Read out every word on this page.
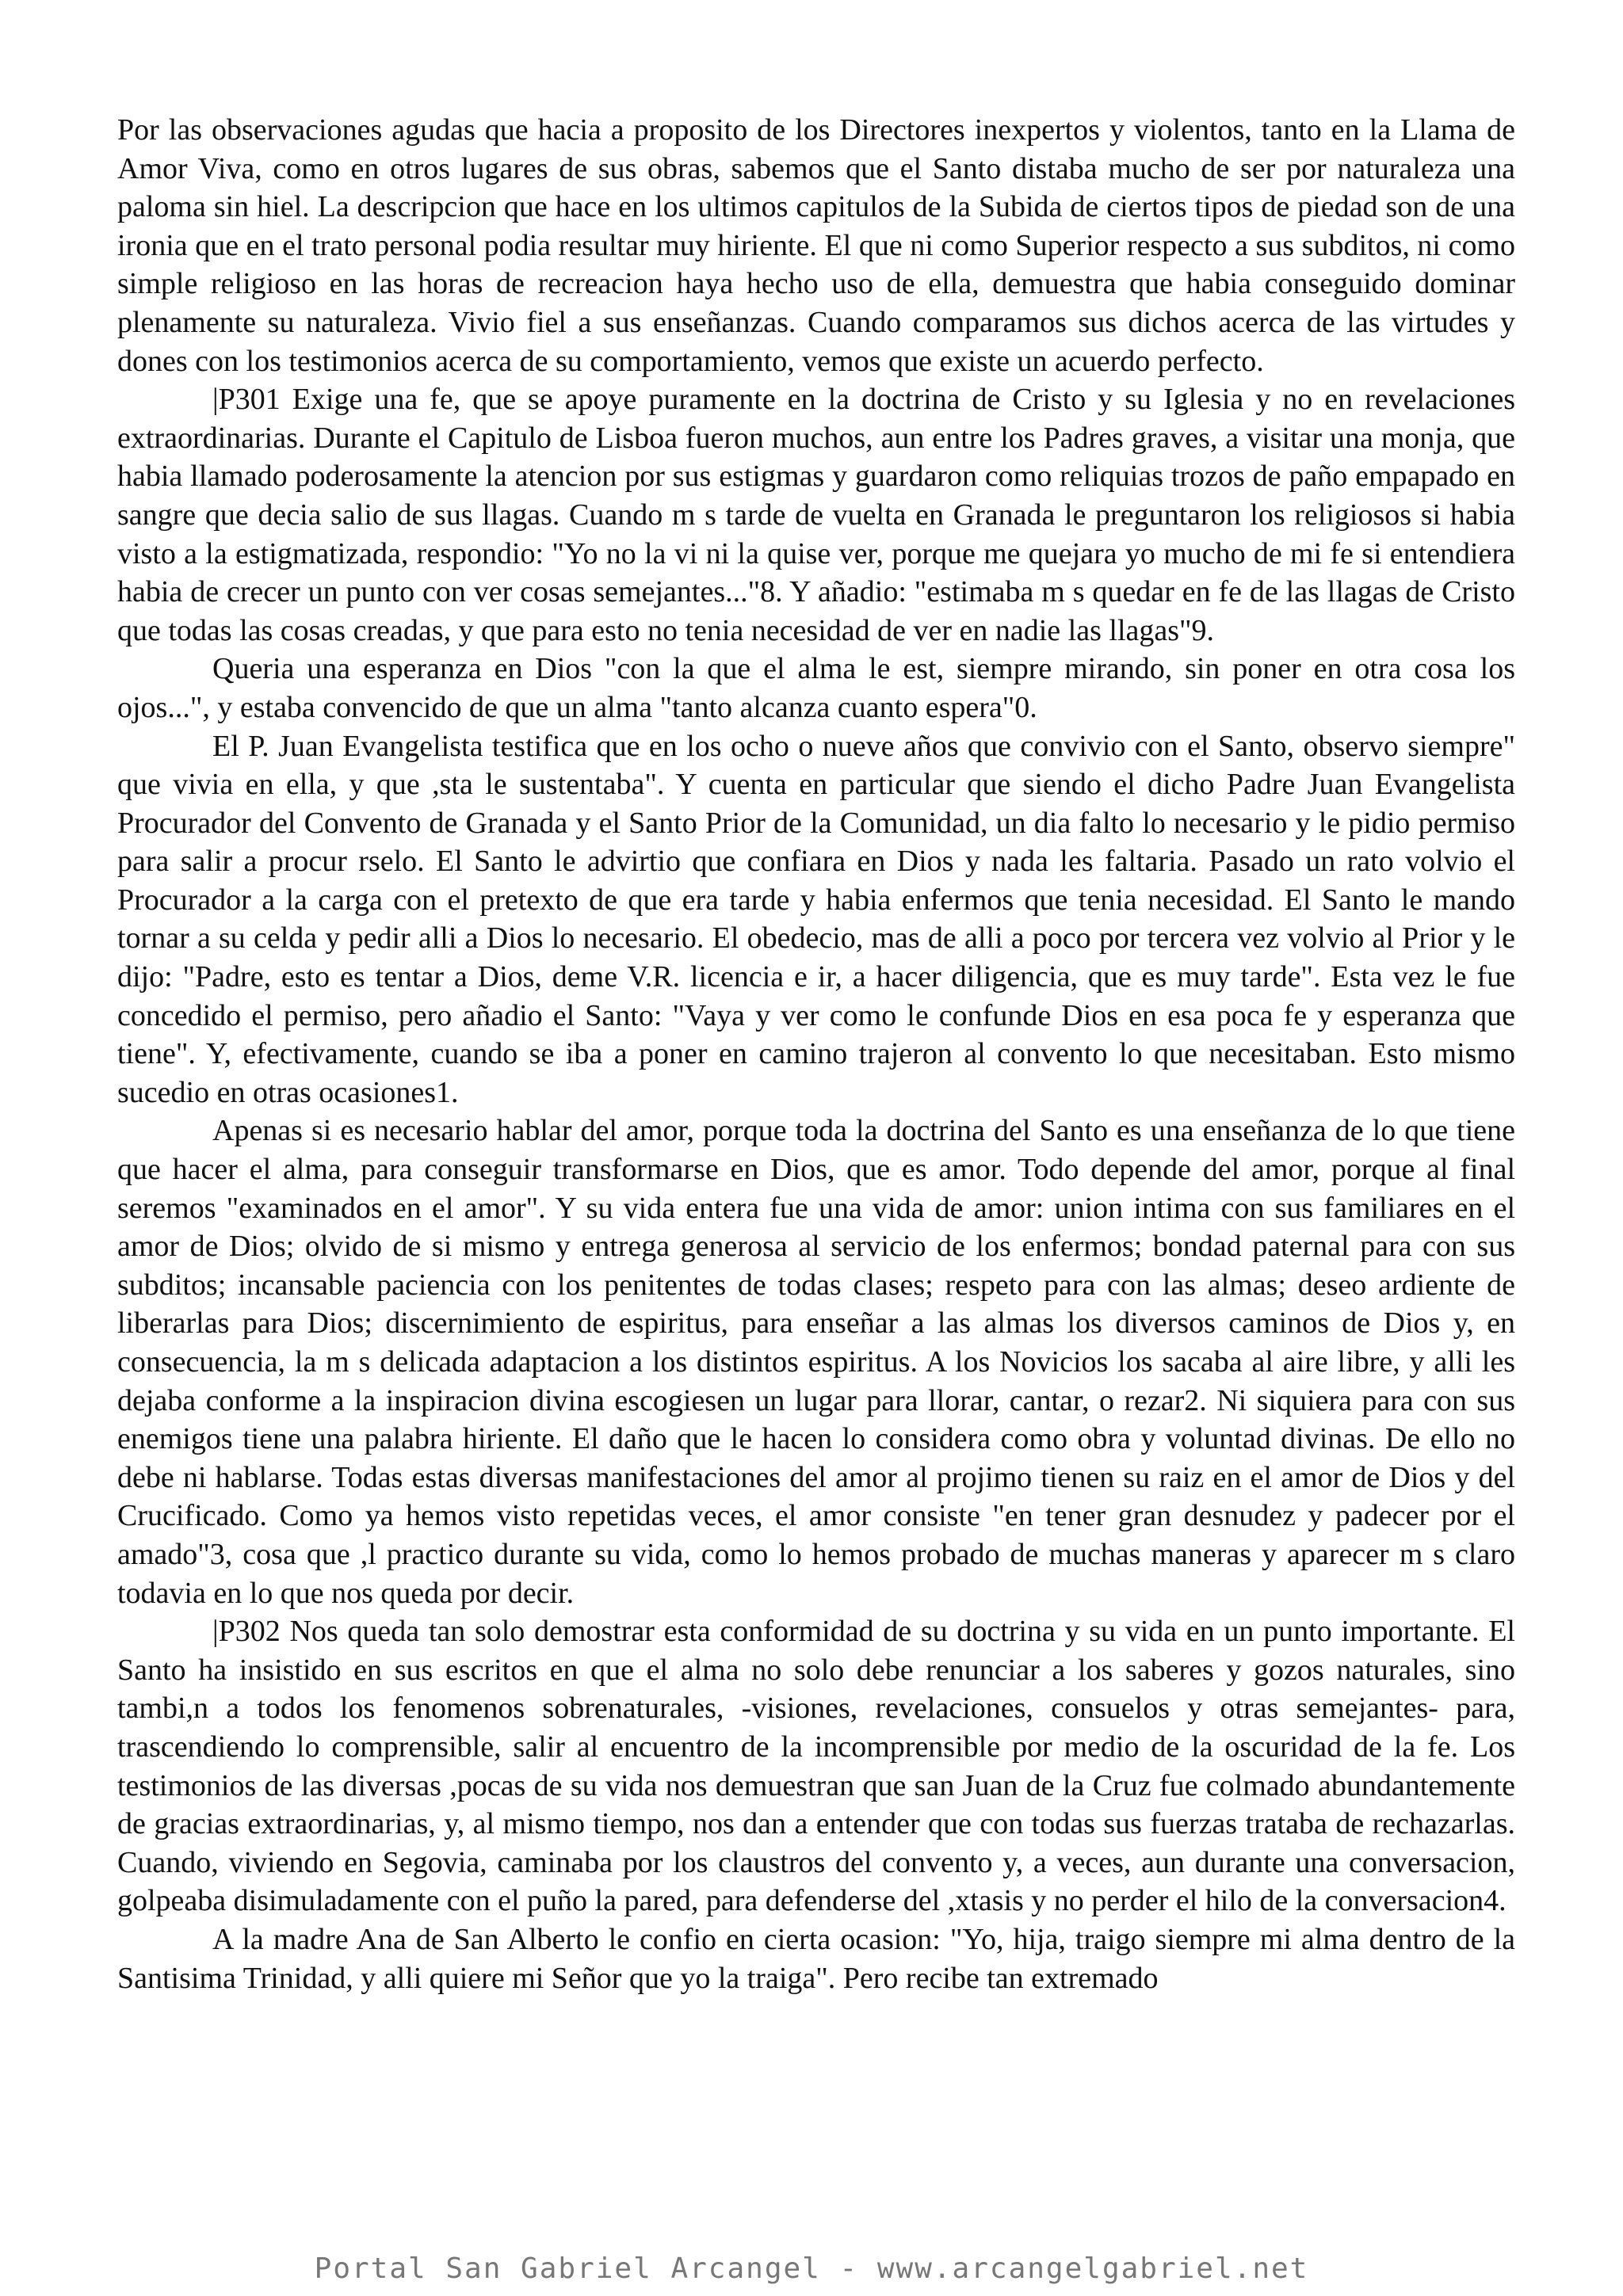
Por las observaciones agudas que hacia a proposito de los Directores inexpertos y violentos, tanto en la Llama de Amor Viva, como en otros lugares de sus obras, sabemos que el Santo distaba mucho de ser por naturaleza una paloma sin hiel. La descripcion que hace en los ultimos capitulos de la Subida de ciertos tipos de piedad son de una ironia que en el trato personal podia resultar muy hiriente. El que ni como Superior respecto a sus subditos, ni como simple religioso en las horas de recreacion haya hecho uso de ella, demuestra que habia conseguido dominar plenamente su naturaleza. Vivio fiel a sus enseñanzas. Cuando comparamos sus dichos acerca de las virtudes y dones con los testimonios acerca de su comportamiento, vemos que existe un acuerdo perfecto.

|P301 Exige una fe, que se apoye puramente en la doctrina de Cristo y su Iglesia y no en revelaciones extraordinarias. Durante el Capitulo de Lisboa fueron muchos, aun entre los Padres graves, a visitar una monja, que habia llamado poderosamente la atencion por sus estigmas y guardaron como reliquias trozos de paño empapado en sangre que decia salio de sus llagas. Cuando m s tarde de vuelta en Granada le preguntaron los religiosos si habia visto a la estigmatizada, respondio: "Yo no la vi ni la quise ver, porque me quejara yo mucho de mi fe si entendiera habia de crecer un punto con ver cosas semejantes..."8. Y añadio: "estimaba m s quedar en fe de las llagas de Cristo que todas las cosas creadas, y que para esto no tenia necesidad de ver en nadie las llagas"9.

Queria una esperanza en Dios "con la que el alma le est, siempre mirando, sin poner en otra cosa los ojos...", y estaba convencido de que un alma "tanto alcanza cuanto espera"0.

El P. Juan Evangelista testifica que en los ocho o nueve años que convivio con el Santo, observo siempre" que vivia en ella, y que ,sta le sustentaba". Y cuenta en particular que siendo el dicho Padre Juan Evangelista Procurador del Convento de Granada y el Santo Prior de la Comunidad, un dia falto lo necesario y le pidio permiso para salir a procur rselo. El Santo le advirtio que confiara en Dios y nada les faltaria. Pasado un rato volvio el Procurador a la carga con el pretexto de que era tarde y habia enfermos que tenia necesidad. El Santo le mando tornar a su celda y pedir alli a Dios lo necesario. El obedecio, mas de alli a poco por tercera vez volvio al Prior y le dijo: "Padre, esto es tentar a Dios, deme V.R. licencia e ir, a hacer diligencia, que es muy tarde". Esta vez le fue concedido el permiso, pero añadio el Santo: "Vaya y ver como le confunde Dios en esa poca fe y esperanza que tiene". Y, efectivamente, cuando se iba a poner en camino trajeron al convento lo que necesitaban. Esto mismo sucedio en otras ocasiones1.

Apenas si es necesario hablar del amor, porque toda la doctrina del Santo es una enseñanza de lo que tiene que hacer el alma, para conseguir transformarse en Dios, que es amor. Todo depende del amor, porque al final seremos "examinados en el amor". Y su vida entera fue una vida de amor: union intima con sus familiares en el amor de Dios; olvido de si mismo y entrega generosa al servicio de los enfermos; bondad paternal para con sus subditos; incansable paciencia con los penitentes de todas clases; respeto para con las almas; deseo ardiente de liberarlas para Dios; discernimiento de espiritus, para enseñar a las almas los diversos caminos de Dios y, en consecuencia, la m s delicada adaptacion a los distintos espiritus. A los Novicios los sacaba al aire libre, y alli les dejaba conforme a la inspiracion divina escogiesen un lugar para llorar, cantar, o rezar2. Ni siquiera para con sus enemigos tiene una palabra hiriente. El daño que le hacen lo considera como obra y voluntad divinas. De ello no debe ni hablarse. Todas estas diversas manifestaciones del amor al projimo tienen su raiz en el amor de Dios y del Crucificado. Como ya hemos visto repetidas veces, el amor consiste "en tener gran desnudez y padecer por el amado"3, cosa que ,l practico durante su vida, como lo hemos probado de muchas maneras y aparecer m s claro todavia en lo que nos queda por decir.

|P302 Nos queda tan solo demostrar esta conformidad de su doctrina y su vida en un punto importante. El Santo ha insistido en sus escritos en que el alma no solo debe renunciar a los saberes y gozos naturales, sino tambi,n a todos los fenomenos sobrenaturales, -visiones, revelaciones, consuelos y otras semejantes- para, trascendiendo lo comprensible, salir al encuentro de la incomprensible por medio de la oscuridad de la fe. Los testimonios de las diversas ,pocas de su vida nos demuestran que san Juan de la Cruz fue colmado abundantemente de gracias extraordinarias, y, al mismo tiempo, nos dan a entender que con todas sus fuerzas trataba de rechazarlas. Cuando, viviendo en Segovia, caminaba por los claustros del convento y, a veces, aun durante una conversacion, golpeaba disimuladamente con el puño la pared, para defenderse del ,xtasis y no perder el hilo de la conversacion4.

A la madre Ana de San Alberto le confio en cierta ocasion: "Yo, hija, traigo siempre mi alma dentro de la Santisima Trinidad, y alli quiere mi Señor que yo la traiga". Pero recibe tan extremado

Portal San Gabriel Arcangel - www.arcangelgabriel.net
